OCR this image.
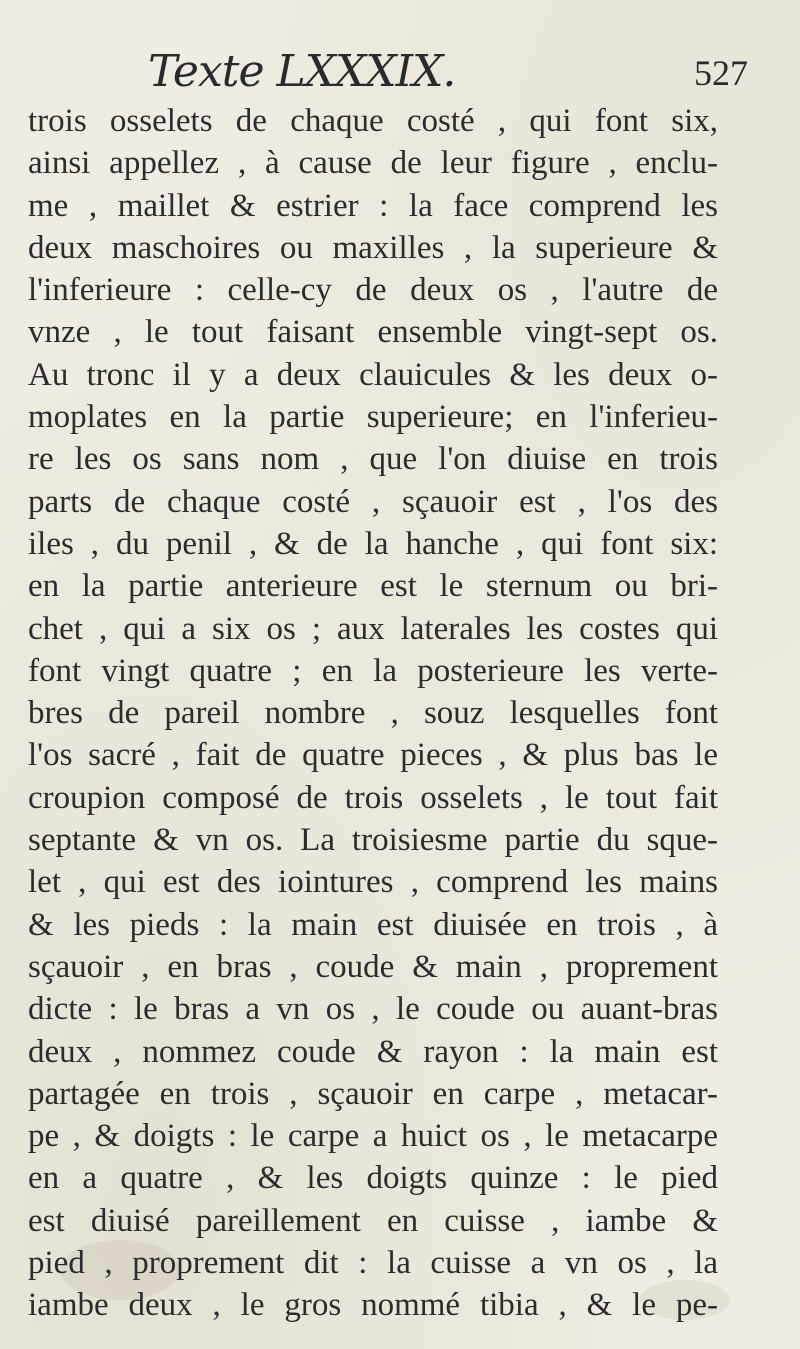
Texte LXXXIX.	527
trois osselets de chaque costé , qui font six,
ainsi appellez , à cause de leur figure , enclu-
me , maillet & estrier : la face comprend les
deux maschoires ou maxilles , la superieure &
l'inferieure : celle-cy de deux os , l'autre de
vnze , le tout faisant ensemble vingt-sept os.
Au tronc il y a deux clauicules & les deux o-
moplates en la partie superieure; en l'inferieu-
re les os sans nom , que l'on diuise en trois
parts de chaque costé , sçauoir est , l'os des
iles , du penil , & de la hanche , qui font six:
en la partie anterieure est le sternum ou bri-
chet , qui a six os ; aux laterales les costes qui
font vingt quatre ; en la posterieure les verte-
bres de pareil nombre , souz lesquelles font
l'os sacré , fait de quatre pieces , & plus bas le
croupion composé de trois osselets , le tout fait
septante & vn os. La troisiesme partie du sque-
let , qui est des iointures , comprend les mains
& les pieds : la main est diuisée en trois , à
sçauoir , en bras , coude & main , proprement
dicte : le bras a vn os , le coude ou auant-bras
deux , nommez coude & rayon : la main est
partagée en trois , sçauoir en carpe , metacar-
pe , & doigts : le carpe a huict os , le metacarpe
en a quatre , & les doigts quinze : le pied
est diuisé pareillement en cuisse , iambe &
pied , proprement dit : la cuisse a vn os , la
iambe deux , le gros nommé tibia , & le pe-
